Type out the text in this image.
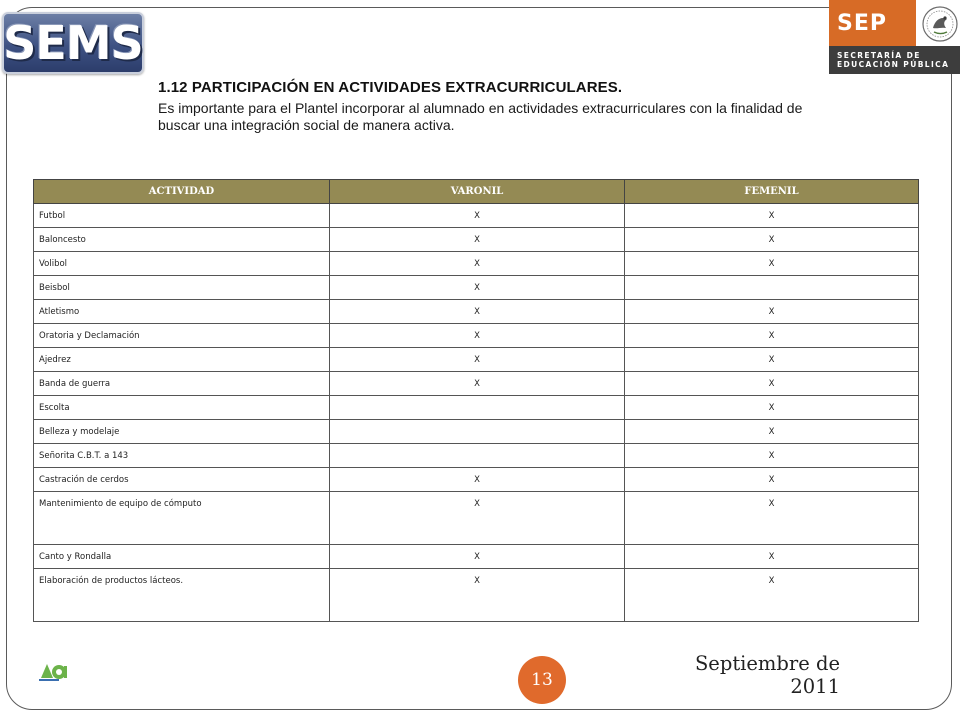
SEMS	SEP
SECRETARÍA DE
EDUCACIÓN PÚBLICA
1.12 PARTICIPACIÓN EN ACTIVIDADES EXTRACURRICULARES.
Es importante para el Plantel incorporar al alumnado en actividades extracurriculares con la finalidad de buscar una integración social de manera activa.
ACTIVIDAD	VARONIL	FEMENIL
Futbol	X	X
Baloncesto	X	X
Volibol	X	X
Beisbol	X	
Atletismo	X	X
Oratoria y Declamación	X	X
Ajedrez	X	X
Banda de guerra	X	X
Escolta		X
Belleza y modelaje		X
Señorita C.B.T. a 143		X
Castración de cerdos	X	X
Mantenimiento de equipo de cómputo	X	X
Canto y Rondalla	X	X
Elaboración de productos lácteos.	X	X
13
Septiembre de 2011
